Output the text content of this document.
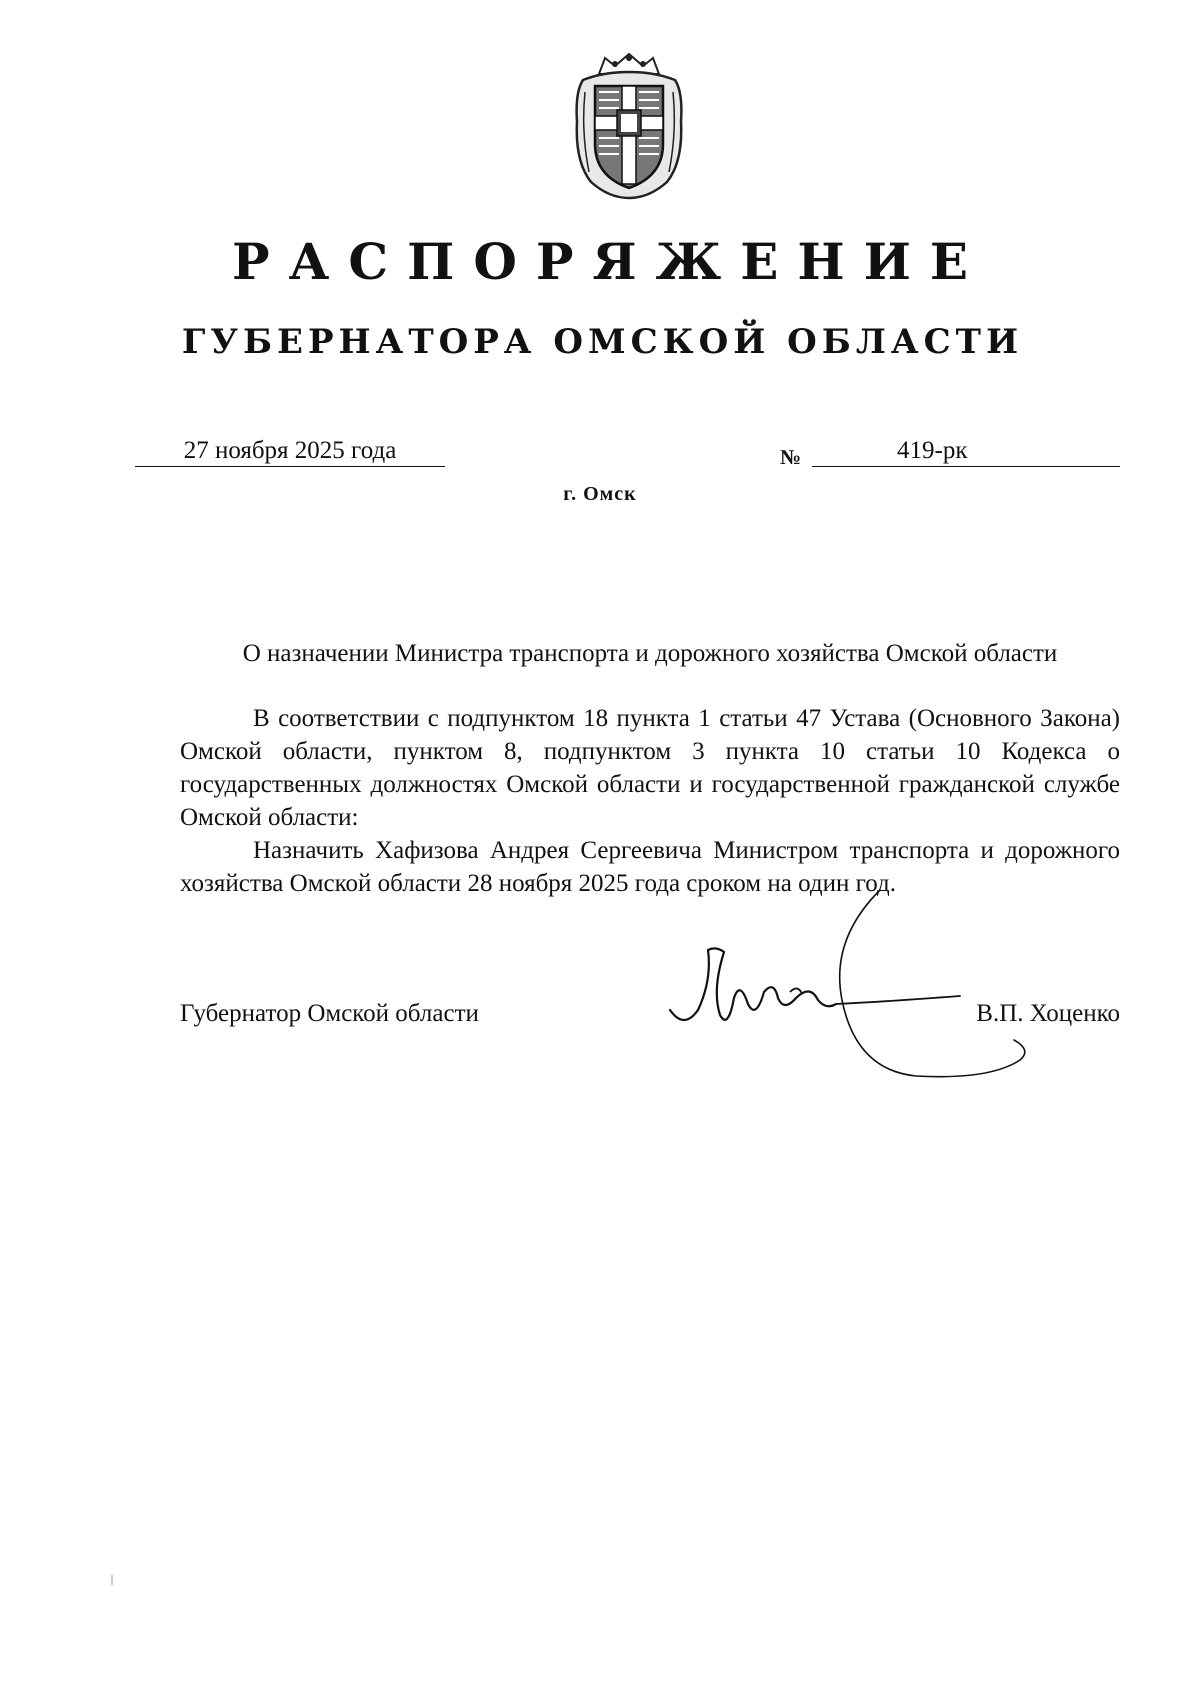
РАСПОРЯЖЕНИЕ
ГУБЕРНАТОРА ОМСКОЙ ОБЛАСТИ
27 ноября 2025 года	№	419-рк
г. Омск
О назначении Министра транспорта и дорожного хозяйства Омской области

В соответствии с подпунктом 18 пункта 1 статьи 47 Устава (Основного Закона) Омской области, пунктом 8, подпунктом 3 пункта 10 статьи 10 Кодекса о государственных должностях Омской области и государственной гражданской службе Омской области:

Назначить Хафизова Андрея Сергеевича Министром транспорта и дорожного хозяйства Омской области 28 ноября 2025 года сроком на один год.

Губернатор Омской области	В.П. Хоценко
